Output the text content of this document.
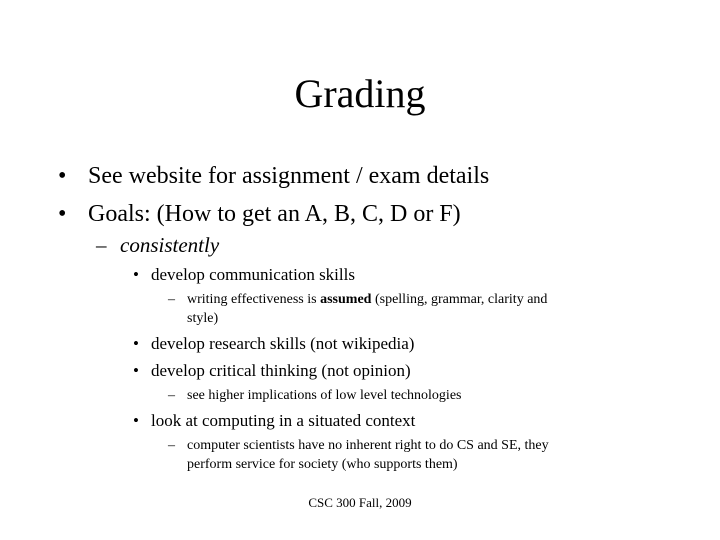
Grading
• See website for assignment / exam details
• Goals: (How to get an A, B, C, D or F)
– consistently
• develop communication skills
– writing effectiveness is assumed (spelling, grammar, clarity and
style)
• develop research skills (not wikipedia)
• develop critical thinking (not opinion)
– see higher implications of low level technologies
• look at computing in a situated context
– computer scientists have no inherent right to do CS and SE, they
perform service for society (who supports them)
CSC 300 Fall, 2009
